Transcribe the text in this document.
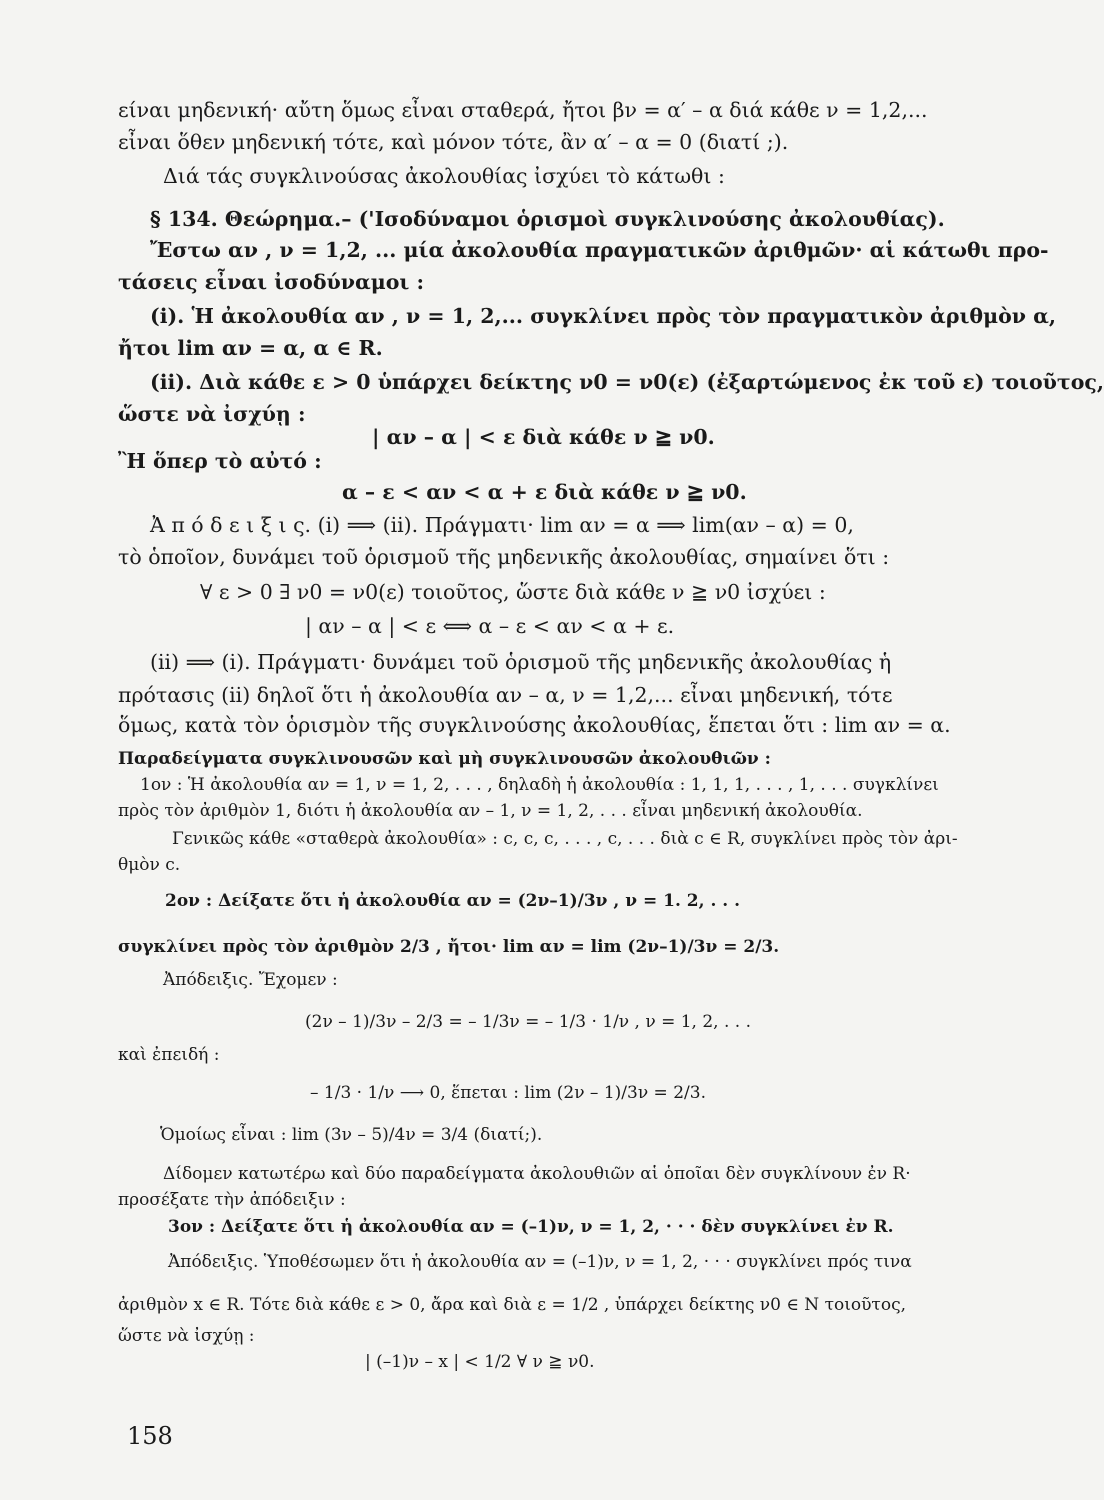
είναι μηδενική· αὔτη ὅμως εἶναι σταθερά, ἤτοι βν = α′ – α διά κάθε ν = 1,2,...
εἶναι ὅθεν μηδενική τότε, καὶ μόνον τότε, ἂν α′ – α = 0 (διατί ;).
Διά τάς συγκλινούσας ἀκολουθίας ἰσχύει τὸ κάτωθι :
§ 134. Θεώρημα.– ('Ισοδύναμοι ὁρισμοὶ συγκλινούσης ἀκολουθίας).
Ἔστω αν , ν = 1,2, ... μία ἀκολουθία πραγματικῶν ἀριθμῶν· αἱ κάτωθι προ-
τάσεις εἶναι ἰσοδύναμοι :
(i). Ἡ ἀκολουθία αν , ν = 1, 2,... συγκλίνει πρὸς τὸν πραγματικὸν ἀριθμὸν α,
ἤτοι lim αν = α, α ∈ R.
(ii). Διὰ κάθε ε > 0 ὑπάρχει δείκτης ν0 = ν0(ε) (ἐξαρτώμενος ἐκ τοῦ ε) τοιοῦτος,
ὥστε νὰ ἰσχύῃ :
| αν – α | < ε διὰ κάθε ν ≧ ν0.
Ἢ ὅπερ τὸ αὐτό :
α – ε < αν < α + ε διὰ κάθε ν ≧ ν0.
Ἀ π ό δ ε ι ξ ι ς. (i) ⟹ (ii). Πράγματι· lim αν = α ⟹ lim(αν – α) = 0,
τὸ ὁποῖον, δυνάμει τοῦ ὁρισμοῦ τῆς μηδενικῆς ἀκολουθίας, σημαίνει ὅτι :
∀ ε > 0 ∃ ν0 = ν0(ε) τοιοῦτος, ὥστε διὰ κάθε ν ≧ ν0 ἰσχύει :
| αν – α | < ε ⟺ α – ε < αν < α + ε.
(ii) ⟹ (i). Πράγματι· δυνάμει τοῦ ὁρισμοῦ τῆς μηδενικῆς ἀκολουθίας ἡ
πρότασις (ii) δηλοῖ ὅτι ἡ ἀκολουθία αν – α, ν = 1,2,... εἶναι μηδενική, τότε
ὅμως, κατὰ τὸν ὁρισμὸν τῆς συγκλινούσης ἀκολουθίας, ἕπεται ὅτι : lim αν = α.
Παραδείγματα συγκλινουσῶν καὶ μὴ συγκλινουσῶν ἀκολουθιῶν :
1ον : Ἡ ἀκολουθία αν = 1, ν = 1, 2, . . . , δηλαδὴ ἡ ἀκολουθία : 1, 1, 1, . . . , 1, . . . συγκλίνει
πρὸς τὸν ἀριθμὸν 1, διότι ἡ ἀκολουθία αν – 1, ν = 1, 2, . . . εἶναι μηδενική ἀκολουθία.
Γενικῶς κάθε «σταθερὰ ἀκολουθία» : c, c, c, . . . , c, . . . διὰ c ∈ R, συγκλίνει πρὸς τὸν ἀρι-
θμὸν c.
2ον : Δείξατε ὅτι ἡ ἀκολουθία αν = (2ν–1)/3ν , ν = 1. 2, . . .
συγκλίνει πρὸς τὸν ἀριθμὸν 2/3 , ἤτοι· lim αν = lim (2ν–1)/3ν = 2/3.
Ἀπόδειξις. Ἔχομεν :
(2ν – 1)/3ν – 2/3 = – 1/3ν = – 1/3 · 1/ν , ν = 1, 2, . . .
καὶ ἐπειδή :
– 1/3 · 1/ν ⟶ 0, ἕπεται : lim (2ν – 1)/3ν = 2/3.
Ὁμοίως εἶναι : lim (3ν – 5)/4ν = 3/4 (διατί;).
Δίδομεν κατωτέρω καὶ δύο παραδείγματα ἀκολουθιῶν αἱ ὁποῖαι δὲν συγκλίνουν ἐν R·
προσέξατε τὴν ἀπόδειξιν :
3ον : Δείξατε ὅτι ἡ ἀκολουθία αν = (–1)ν, ν = 1, 2, · · · δὲν συγκλίνει ἐν R.
Ἀπόδειξις. Ὑποθέσωμεν ὅτι ἡ ἀκολουθία αν = (–1)ν, ν = 1, 2, · · · συγκλίνει πρός τινα
ἀριθμὸν x ∈ R. Τότε διὰ κάθε ε > 0, ἄρα καὶ διὰ ε = 1/2 , ὑπάρχει δείκτης ν0 ∈ N τοιοῦτος,
ὥστε νὰ ἰσχύῃ :
| (–1)ν – x | < 1/2 ∀ ν ≧ ν0.
158
